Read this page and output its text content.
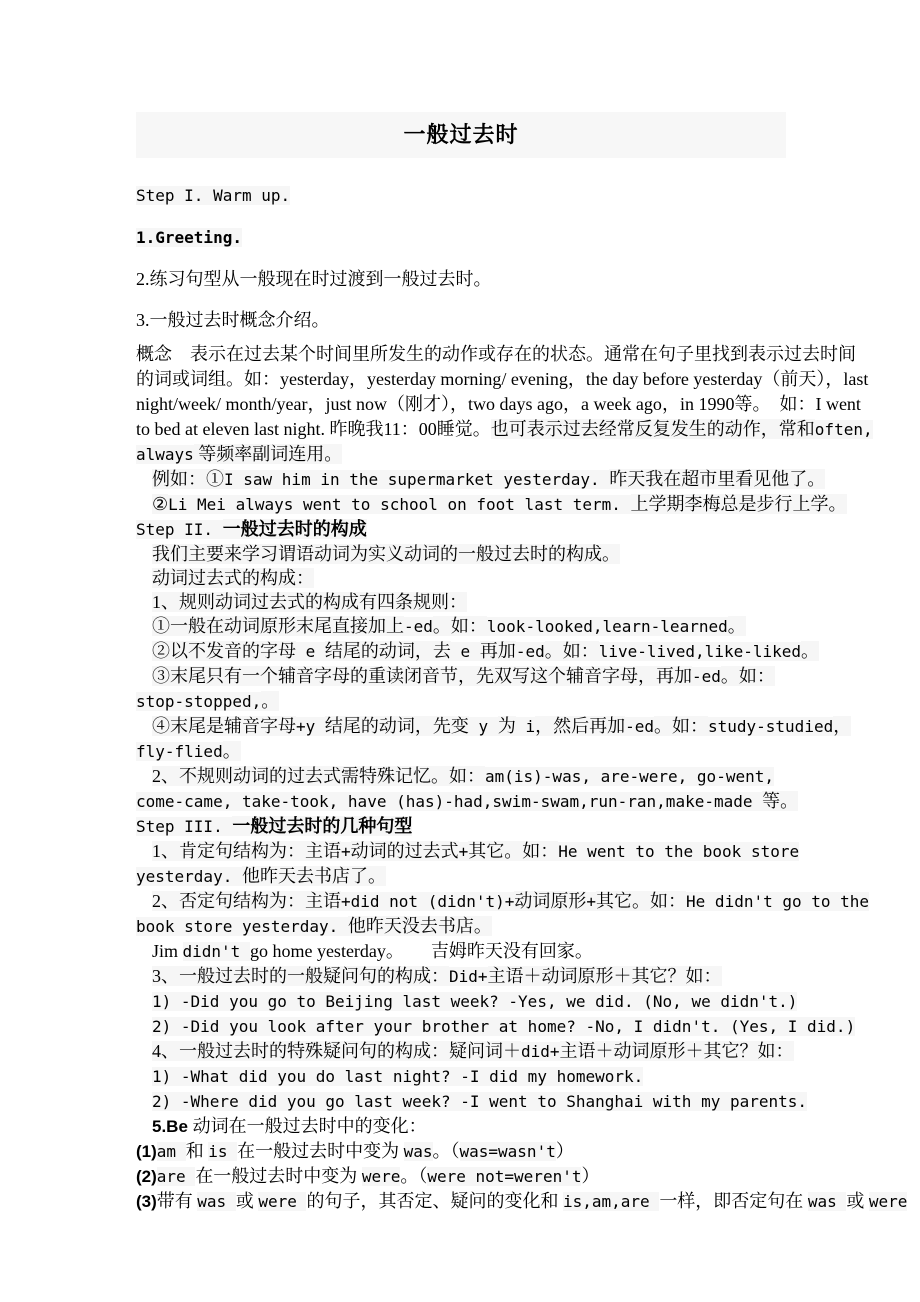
一般过去时
Step I. Warm up.
1.Greeting.
2.练习句型从一般现在时过渡到一般过去时。
3.一般过去时概念介绍。
概念　表示在过去某个时间里所发生的动作或存在的状态。通常在句子里找到表示过去时间
的词或词组。如：yesterday，yesterday morning/ evening，the day before yesterday（前天），last
night/week/ month/year，just now（刚才），two days ago，a week ago，in 1990等。　如：I went
to bed at eleven last night. 昨晚我11：00睡觉。也可表示过去经常反复发生的动作，常和often,
always 等频率副词连用。
例如：①I saw him in the supermarket yesterday. 昨天我在超市里看见他了。
②Li Mei always went to school on foot last term. 上学期李梅总是步行上学。
Step II. 一般过去时的构成
我们主要来学习谓语动词为实义动词的一般过去时的构成。
动词过去式的构成：
1、规则动词过去式的构成有四条规则：
①一般在动词原形末尾直接加上-ed。如：look-looked,learn-learned。
②以不发音的字母 e 结尾的动词，去 e 再加-ed。如：live-lived,like-liked。
③末尾只有一个辅音字母的重读闭音节，先双写这个辅音字母，再加-ed。如：
stop-stopped,。
④末尾是辅音字母+y 结尾的动词，先变 y 为 i，然后再加-ed。如：study-studied，
fly-flied。
2、不规则动词的过去式需特殊记忆。如：am(is)-was, are-were, go-went,
come-came, take-took, have (has)-had,swim-swam,run-ran,make-made 等。
Step III. 一般过去时的几种句型
1、肯定句结构为：主语+动词的过去式+其它。如：He went to the book store
yesterday. 他昨天去书店了。
2、否定句结构为：主语+did not (didn't)+动词原形+其它。如：He didn't go to the
book store yesterday. 他昨天没去书店。
Jim didn't go home yesterday。　　吉姆昨天没有回家。
3、一般过去时的一般疑问句的构成：Did+主语＋动词原形＋其它？如：
1) -Did you go to Beijing last week? -Yes, we did. (No, we didn't.)
2) -Did you look after your brother at home? -No, I didn't. (Yes, I did.)
4、一般过去时的特殊疑问句的构成：疑问词＋did+主语＋动词原形＋其它？如：
1) -What did you do last night? -I did my homework.
2) -Where did you go last week? -I went to Shanghai with my parents.
5.Be 动词在一般过去时中的变化：
(1)am 和 is 在一般过去时中变为 was。（was=wasn't）
(2)are 在一般过去时中变为 were。（were not=weren't）
(3)带有 was 或 were 的句子，其否定、疑问的变化和 is,am,are 一样，即否定句在 was 或 were
